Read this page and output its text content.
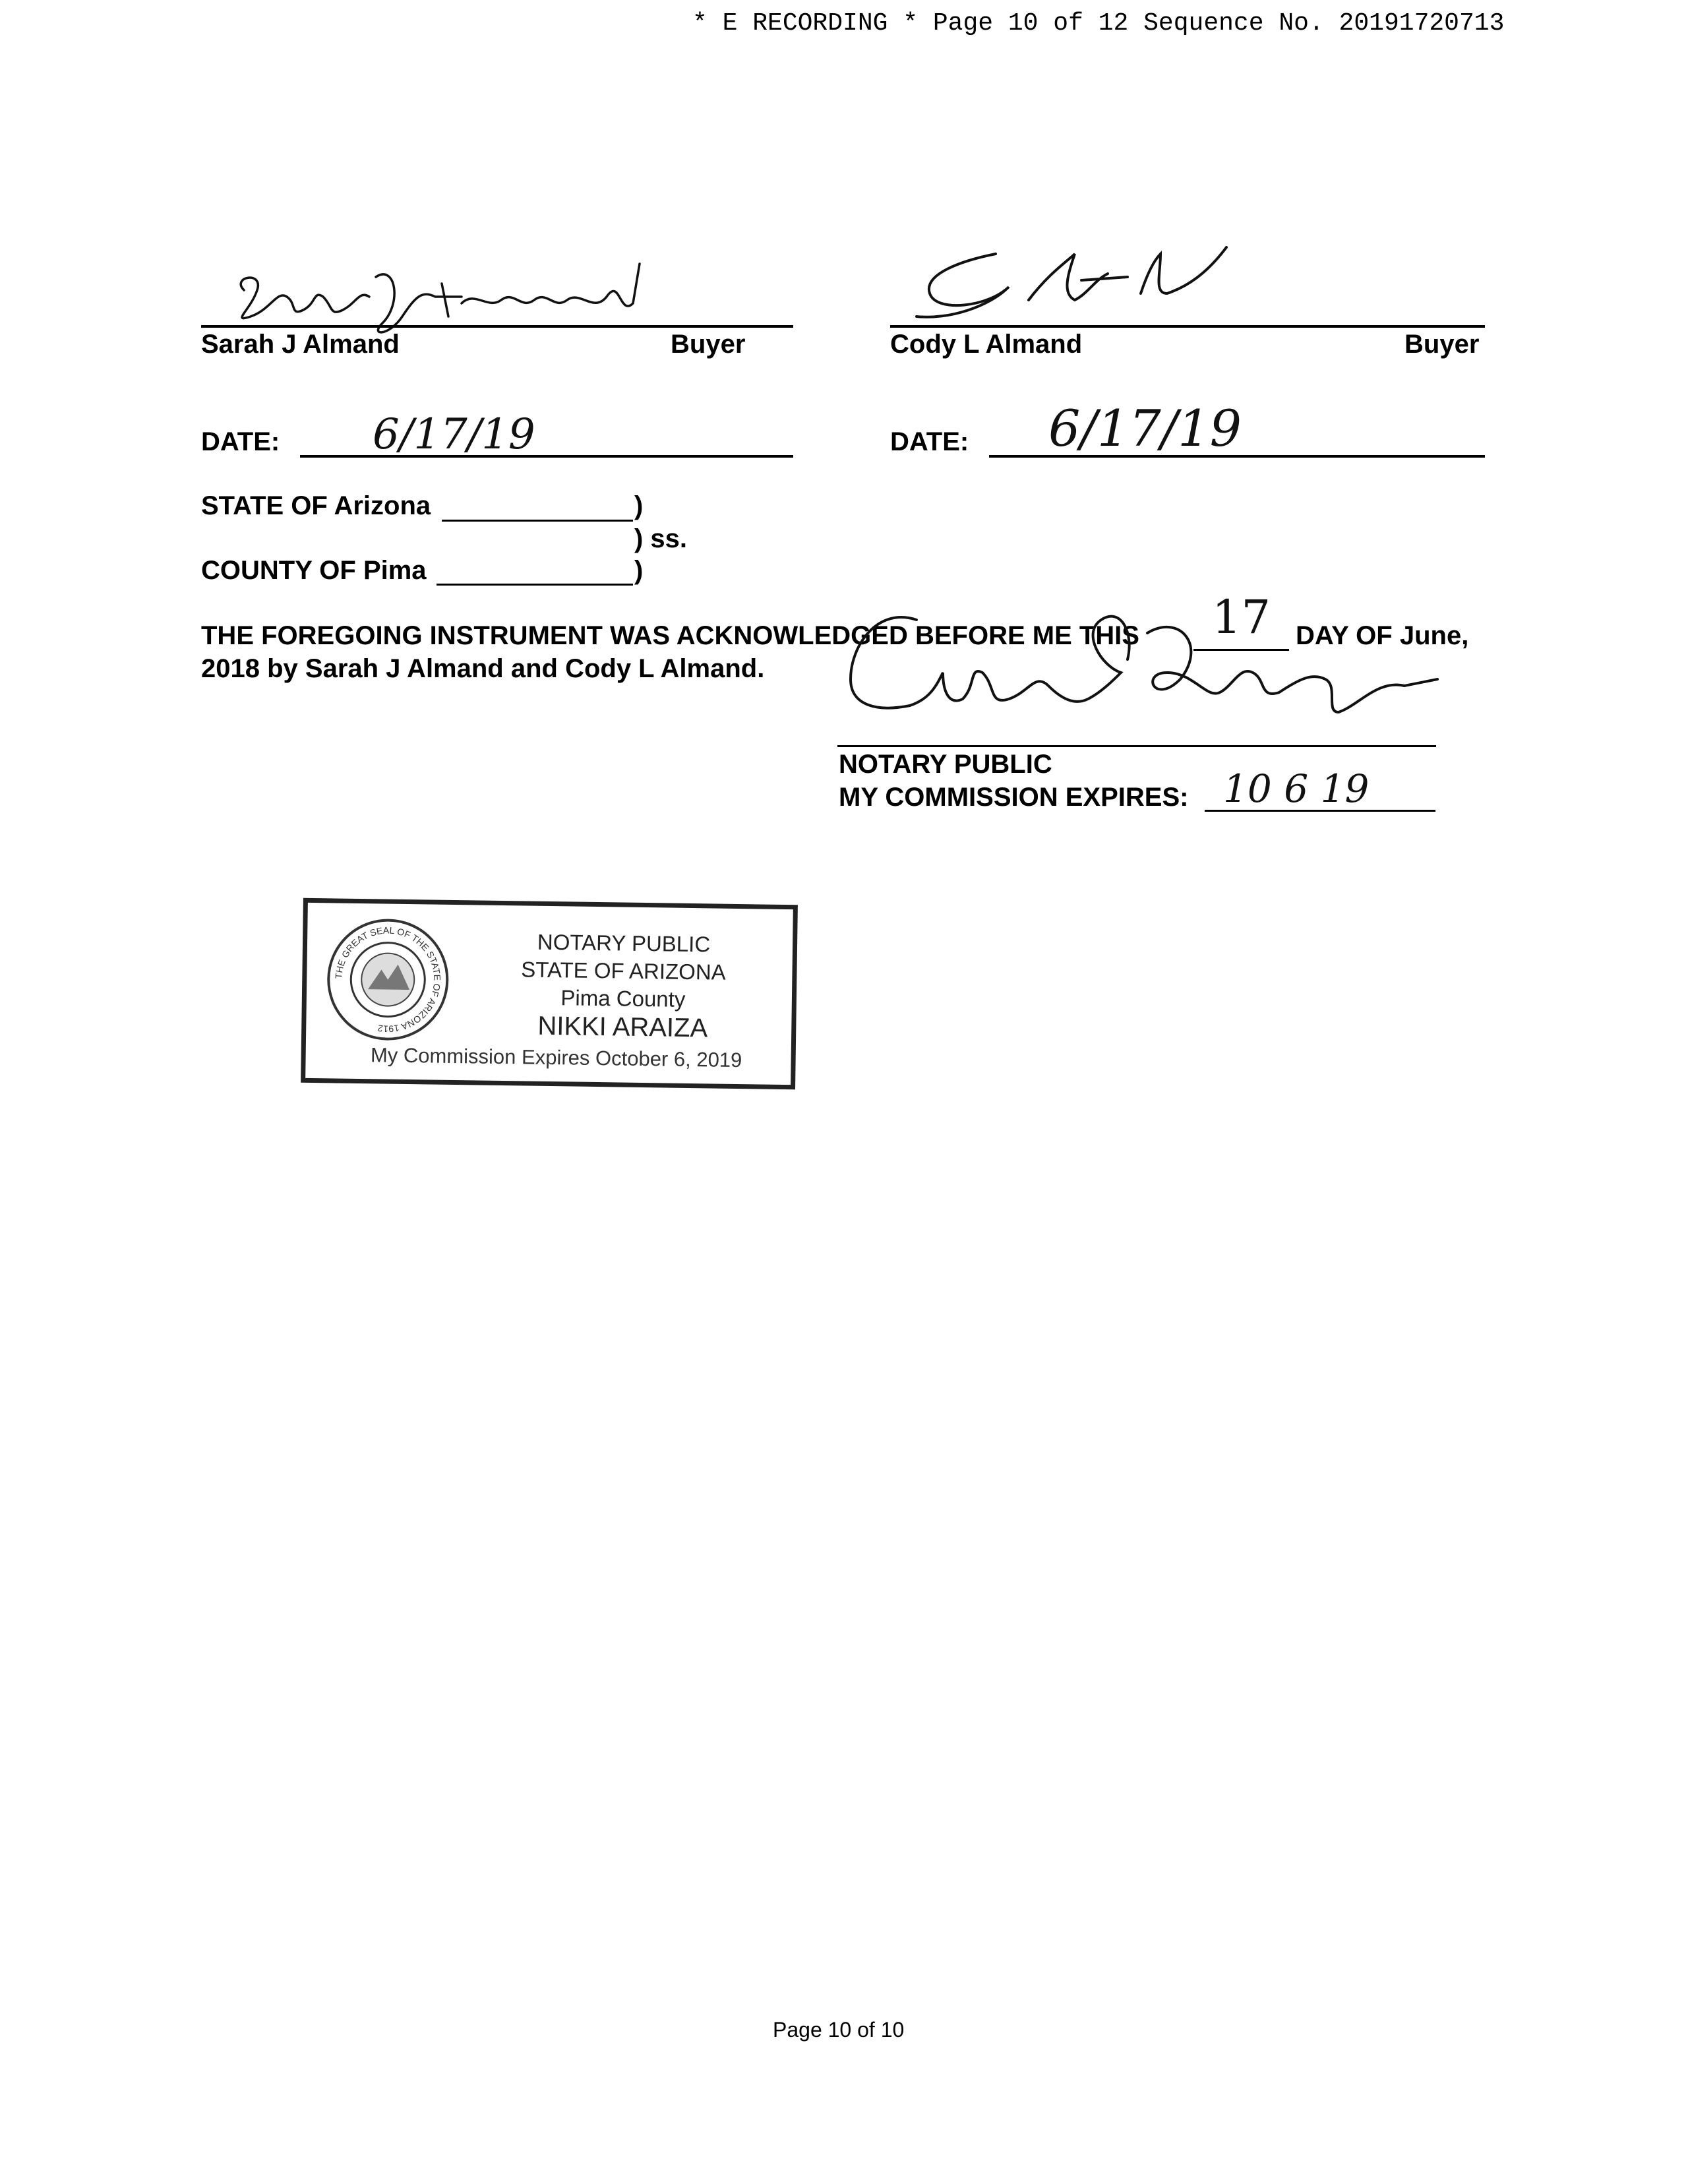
* E RECORDING * Page 10 of 12 Sequence No. 20191720713
Sarah J Almand	Buyer	Cody L Almand	Buyer
DATE: 6/17/19	DATE: 6/17/19
STATE OF Arizona	)
) ss.
COUNTY OF Pima	)
THE FOREGOING INSTRUMENT WAS ACKNOWLEDGED BEFORE ME THIS 17 DAY OF June,
2018 by Sarah J Almand and Cody L Almand.
NOTARY PUBLIC
MY COMMISSION EXPIRES: 10 6 19
THE GREAT SEAL OF THE STATE OF ARIZONA 1912
NOTARY PUBLIC
STATE OF ARIZONA
Pima County
NIKKI ARAIZA
My Commission Expires October 6, 2019
Page 10 of 10
